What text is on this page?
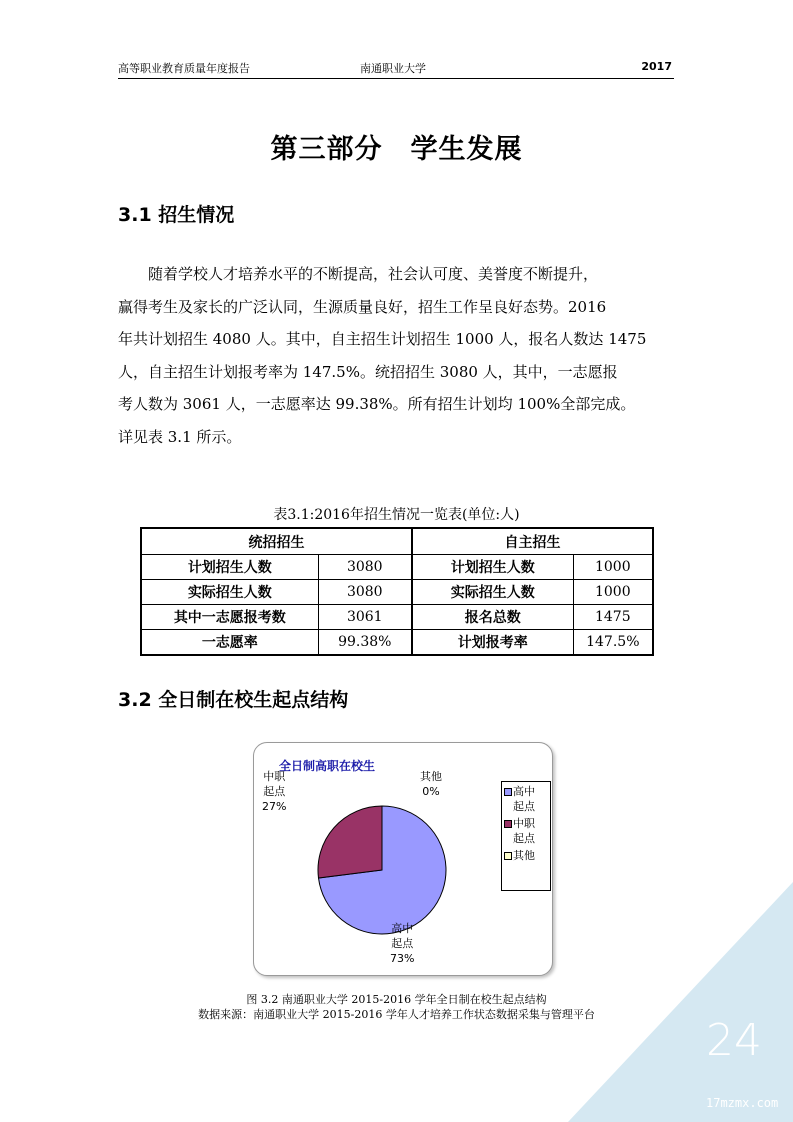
高等职业教育质量年度报告	南通职业大学	2017
第三部分　学生发展
3.1 招生情况
随着学校人才培养水平的不断提高，社会认可度、美誉度不断提升，
赢得考生及家长的广泛认同，生源质量良好，招生工作呈良好态势。2016
年共计划招生 4080 人。其中，自主招生计划招生 1000 人，报名人数达 1475
人，自主招生计划报考率为 147.5%。统招招生 3080 人，其中，一志愿报
考人数为 3061 人，一志愿率达 99.38%。所有招生计划均 100%全部完成。
详见表 3.1 所示。
表3.1:2016年招生情况一览表(单位:人)
统招招生		自主招生	
计划招生人数	3080	计划招生人数	1000
实际招生人数	3080	实际招生人数	1000
其中一志愿报考数	3061	报名总数	1475
一志愿率	99.38%	计划报考率	147.5%
3.2 全日制在校生起点结构
全日制高职在校生
中职
起点
27%
其他
0%
高中
起点
73%
高中
起点
中职
起点
其他
图 3.2 南通职业大学 2015-2016 学年全日制在校生起点结构
数据来源：南通职业大学 2015-2016 学年人才培养工作状态数据采集与管理平台
24
17mzmx.com
